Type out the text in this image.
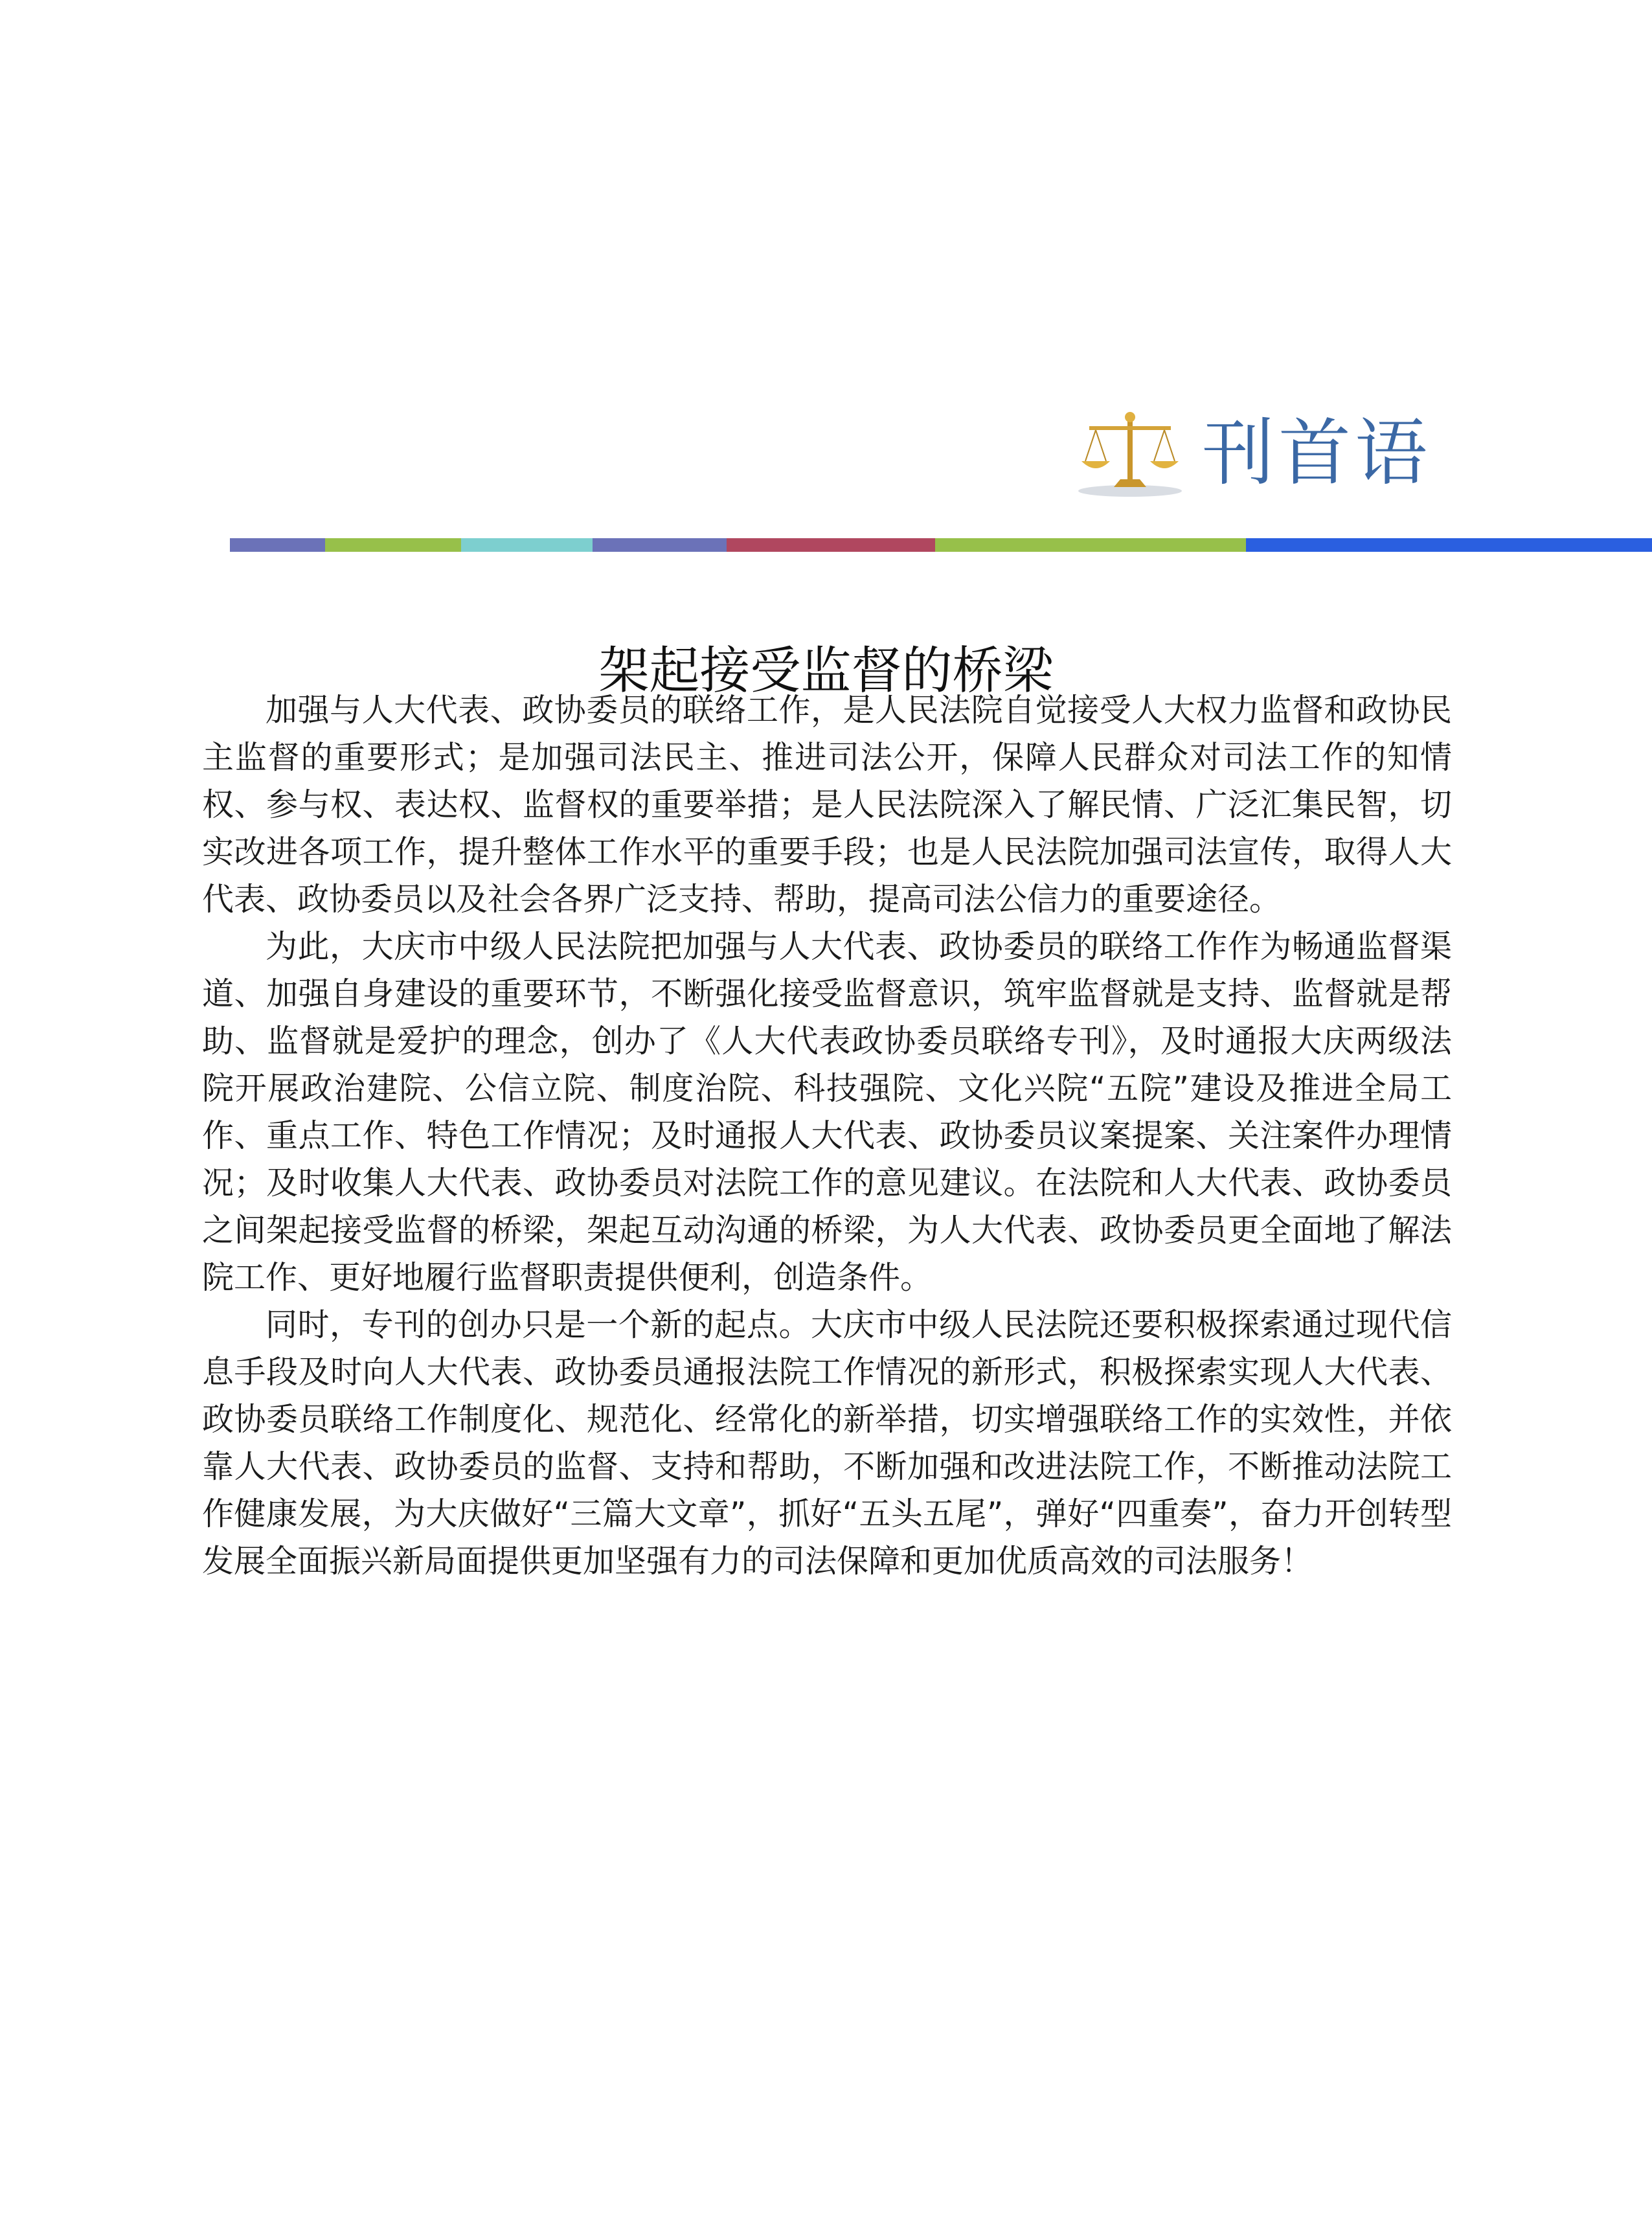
刊首语
架起接受监督的桥梁

加强与人大代表、政协委员的联络工作，是人民法院自觉接受人大权力监督和政协民主监督的重要形式；是加强司法民主、推进司法公开，保障人民群众对司法工作的知情权、参与权、表达权、监督权的重要举措；是人民法院深入了解民情、广泛汇集民智，切实改进各项工作，提升整体工作水平的重要手段；也是人民法院加强司法宣传，取得人大代表、政协委员以及社会各界广泛支持、帮助，提高司法公信力的重要途径。

为此，大庆市中级人民法院把加强与人大代表、政协委员的联络工作作为畅通监督渠道、加强自身建设的重要环节，不断强化接受监督意识，筑牢监督就是支持、监督就是帮助、监督就是爱护的理念，创办了《人大代表政协委员联络专刊》，及时通报大庆两级法院开展政治建院、公信立院、制度治院、科技强院、文化兴院“五院”建设及推进全局工作、重点工作、特色工作情况；及时通报人大代表、政协委员议案提案、关注案件办理情况；及时收集人大代表、政协委员对法院工作的意见建议。在法院和人大代表、政协委员之间架起接受监督的桥梁，架起互动沟通的桥梁，为人大代表、政协委员更全面地了解法院工作、更好地履行监督职责提供便利，创造条件。

同时，专刊的创办只是一个新的起点。大庆市中级人民法院还要积极探索通过现代信息手段及时向人大代表、政协委员通报法院工作情况的新形式，积极探索实现人大代表、政协委员联络工作制度化、规范化、经常化的新举措，切实增强联络工作的实效性，并依靠人大代表、政协委员的监督、支持和帮助，不断加强和改进法院工作，不断推动法院工作健康发展，为大庆做好“三篇大文章”，抓好“五头五尾”，弹好“四重奏”，奋力开创转型发展全面振兴新局面提供更加坚强有力的司法保障和更加优质高效的司法服务！
